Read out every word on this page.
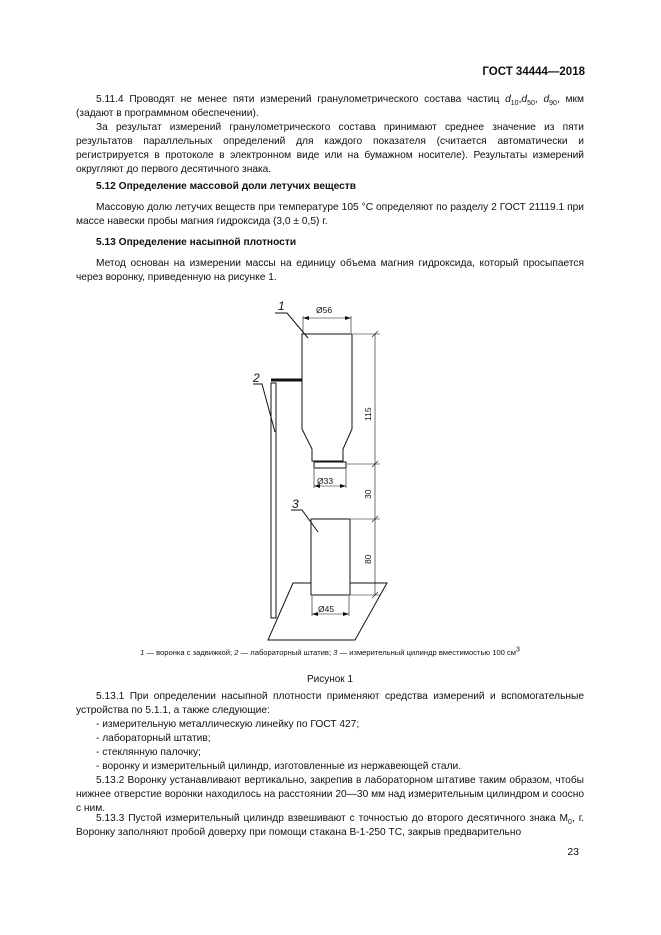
ГОСТ 34444—2018

5.11.4 Проводят не менее пяти измерений гранулометрического состава частиц $d_{10},d_{50}$, $d_{90}$, мкм (задают в программном обеспечении).

За результат измерений гранулометрического состава принимают среднее значение из пяти результатов параллельных определений для каждого показателя (считается автоматически и регистрируется в протоколе в электронном виде или на бумажном носителе). Результаты измерений округляют до первого десятичного знака.

5.12 Определение массовой доли летучих веществ

Массовую долю летучих веществ при температуре 105 °С определяют по разделу 2 ГОСТ 21119.1 при массе навески пробы магния гидроксида (3,0 ± 0,5) г.

5.13 Определение насыпной плотности

Метод основан на измерении массы на единицу объема магния гидроксида, который просыпается через воронку, приведенную на рисунке 1.

1
2
3
Ø56
Ø33
Ø45
115
30
80
1 — воронка с задвижкой; 2 — лабораторный штатив; 3 — измерительный цилиндр вместимостью 100 $см^3$
Рисунок 1

5.13.1 При определении насыпной плотности применяют средства измерений и вспомогательные устройства по 5.1.1, а также следующие:

- измерительную металлическую линейку по ГОСТ 427;
- лабораторный штатив;
- стеклянную палочку;
- воронку и измерительный цилиндр, изготовленные из нержавеющей стали.

5.13.2 Воронку устанавливают вертикально, закрепив в лабораторном штативе таким образом, чтобы нижнее отверстие воронки находилось на расстоянии 20—30 мм над измерительным цилиндром и соосно с ним.

5.13.3 Пустой измерительный цилиндр взвешивают с точностью до второго десятичного знака $М_0$, г. Воронку заполняют пробой доверху при помощи стакана В-1-250 ТС, закрыв предварительно

23
